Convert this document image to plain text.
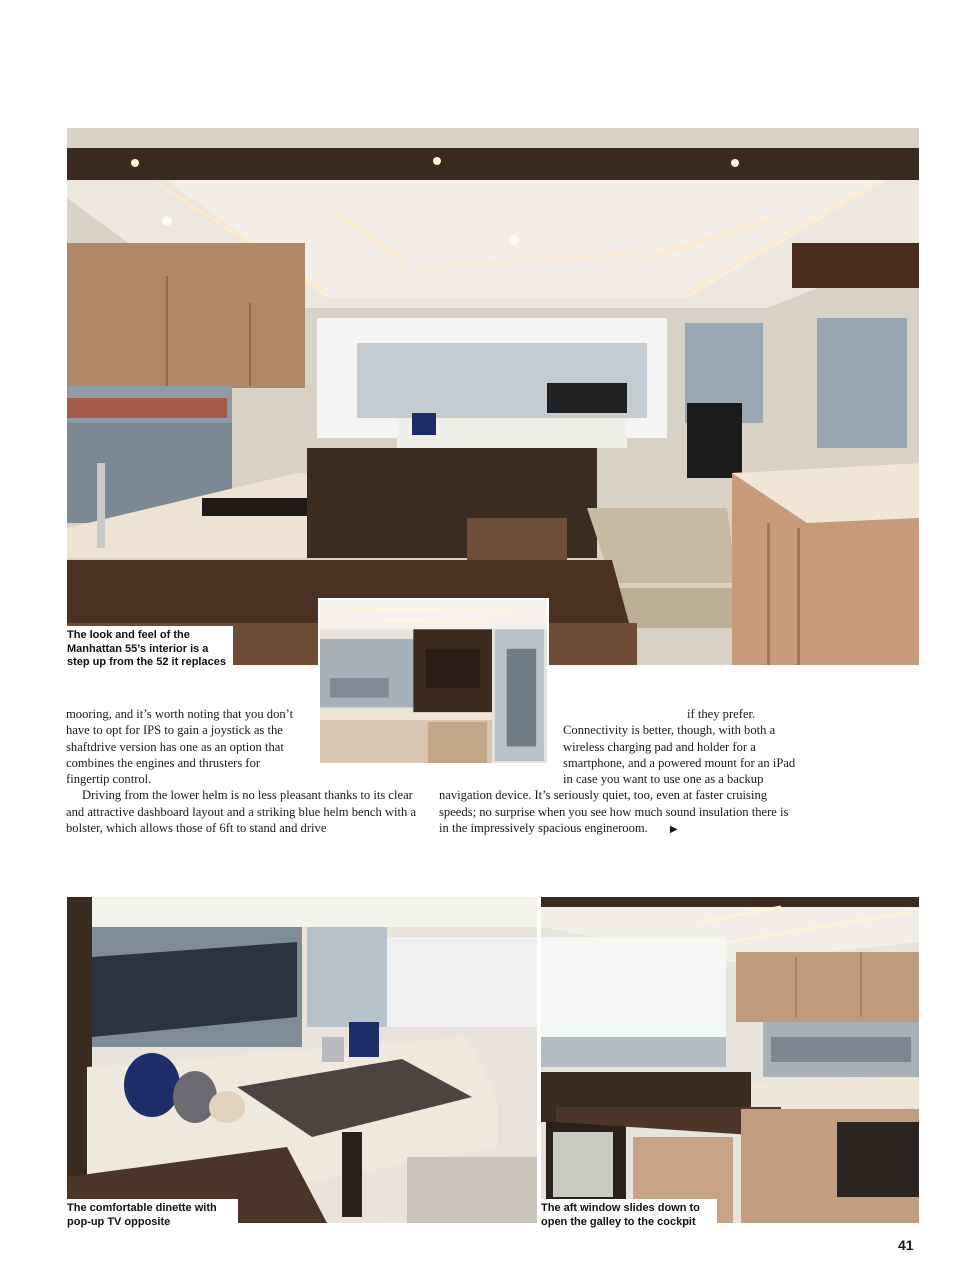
The look and feel of the
Manhattan 55’s interior is a
step up from the 52 it replaces

mooring, and it’s worth noting that you don’t have to opt for IPS to gain a joystick as the shaftdrive version has one as an option that combines the engines and thrusters for fingertip control.

Driving from the lower helm is no less pleasant thanks to its clear and attractive dashboard layout and a striking blue helm bench with a bolster, which allows those of 6ft to stand and drive

if they prefer. Connectivity is better, though, with both a wireless charging pad and holder for a smartphone, and a powered mount for an iPad in case you want to use one as a backup navigation device. It’s seriously quiet, too, even at faster cruising speeds; no surprise when you see how much sound insulation there is in the impressively spacious engineroom. ▶

The comfortable dinette with
pop-up TV opposite
The aft window slides down to
open the galley to the cockpit
41
